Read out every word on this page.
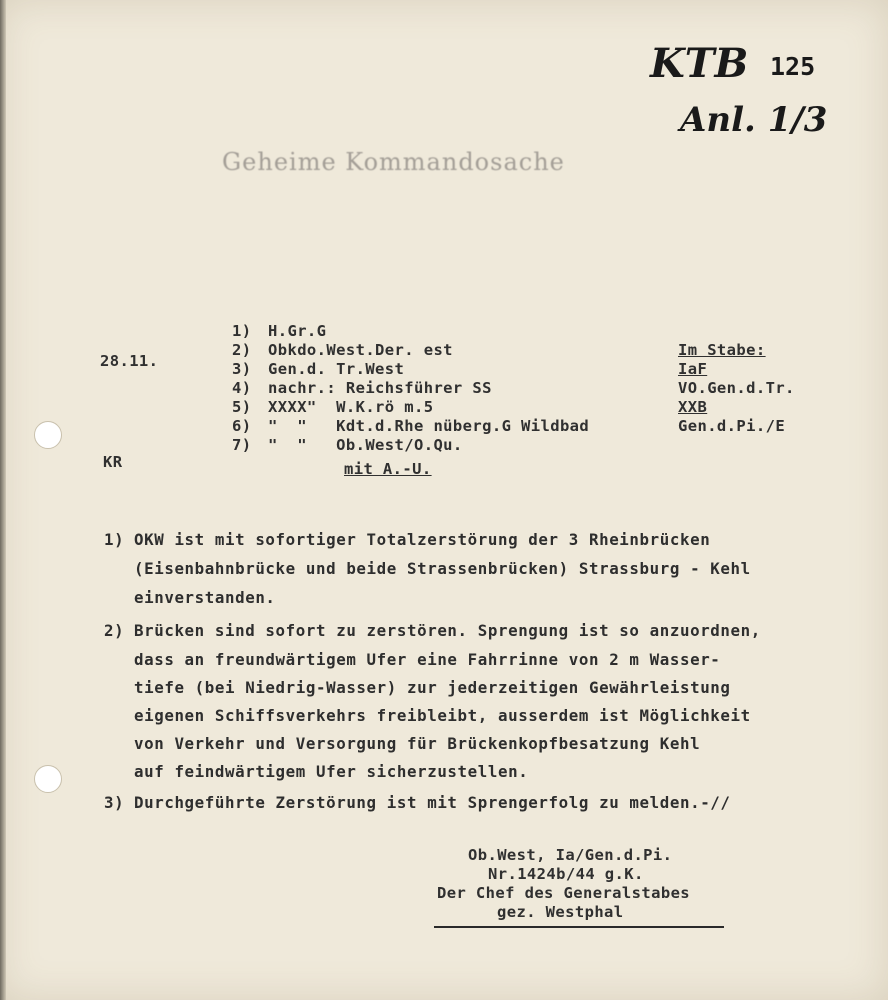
KTB 125
Anl. 1/3
Geheime Kommandosache
28.11.
KR
1) H.Gr.G
2) Obkdo.West.Der. est
3) Gen.d. Tr.West
4) nachr.: Reichsführer SS
5) XXXX"  W.K.rö m.5
6) "  "   Kdt.d.Rhe nüberg.G Wildbad
7) "  "   Ob.West/O.Qu.
mit A.-U.
Im Stabe:
IaF
VO.Gen.d.Tr.
XXB
Gen.d.Pi./E
1) OKW ist mit sofortiger Totalzerstörung der 3 Rheinbrücken
(Eisenbahnbrücke und beide Strassenbrücken) Strassburg - Kehl
einverstanden.
2) Brücken sind sofort zu zerstören. Sprengung ist so anzuordnen,
dass an freundwärtigem Ufer eine Fahrrinne von 2 m Wasser-
tiefe (bei Niedrig-Wasser) zur jederzeitigen Gewährleistung
eigenen Schiffsverkehrs freibleibt, ausserdem ist Möglichkeit
von Verkehr und Versorgung für Brückenkopfbesatzung Kehl
auf feindwärtigem Ufer sicherzustellen.
3) Durchgeführte Zerstörung ist mit Sprengerfolg zu melden.-//
Ob.West, Ia/Gen.d.Pi.
Nr.1424b/44 g.K.
Der Chef des Generalstabes
gez. Westphal
